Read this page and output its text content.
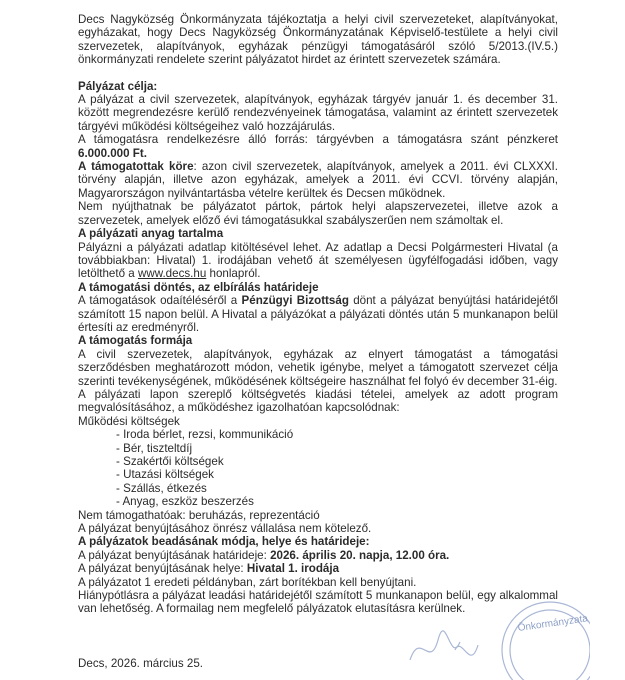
Decs Nagyközség Önkormányzata tájékoztatja a helyi civil szervezeteket, alapítványokat, egyházakat, hogy Decs Nagyközség Önkormányzatának Képviselő-testülete a helyi civil szervezetek, alapítványok, egyházak pénzügyi támogatásáról szóló 5/2013.(IV.5.) önkormányzati rendelete szerint pályázatot hirdet az érintett szervezetek számára.

Pályázat célja:

A pályázat a civil szervezetek, alapítványok, egyházak tárgyév január 1. és december 31. között megrendezésre kerülő rendezvényeinek támogatása, valamint az érintett szervezetek tárgyévi működési költségeihez való hozzájárulás.

A támogatásra rendelkezésre álló forrás: tárgyévben a támogatásra szánt pénzkeret 6.000.000 Ft.

A támogatottak köre: azon civil szervezetek, alapítványok, amelyek a 2011. évi CLXXXI. törvény alapján, illetve azon egyházak, amelyek a 2011. évi CCVI. törvény alapján, Magyarországon nyilvántartásba vételre kerültek és Decsen működnek.

Nem nyújthatnak be pályázatot pártok, pártok helyi alapszervezetei, illetve azok a szervezetek, amelyek előző évi támogatásukkal szabályszerűen nem számoltak el.

A pályázati anyag tartalma

Pályázni a pályázati adatlap kitöltésével lehet. Az adatlap a Decsi Polgármesteri Hivatal (a továbbiakban: Hivatal) 1. irodájában vehető át személyesen ügyfélfogadási időben, vagy letölthető a www.decs.hu honlapról.

A támogatási döntés, az elbírálás határideje

A támogatások odaítéléséről a Pénzügyi Bizottság dönt a pályázat benyújtási határidejétől számított 15 napon belül. A Hivatal a pályázókat a pályázati döntés után 5 munkanapon belül értesíti az eredményről.

A támogatás formája

A civil szervezetek, alapítványok, egyházak az elnyert támogatást a támogatási szerződésben meghatározott módon, vehetik igénybe, melyet a támogatott szervezet célja szerinti tevékenységének, működésének költségeire használhat fel folyó év december 31-éig.

A pályázati lapon szereplő költségvetés kiadási tételei, amelyek az adott program megvalósításához, a működéshez igazolhatóan kapcsolódnak:

Működési költségek

- Iroda bérlet, rezsi, kommunikáció

- Bér, tiszteltdíj

- Szakértői költségek

- Utazási költségek

- Szállás, étkezés

- Anyag, eszköz beszerzés

Nem támogathatóak: beruházás, reprezentáció

A pályázat benyújtásához önrész vállalása nem kötelező.

A pályázatok beadásának módja, helye és határideje:

A pályázat benyújtásának határideje: 2026. április 20. napja, 12.00 óra.

A pályázat benyújtásának helye: Hivatal 1. irodája

A pályázatot 1 eredeti példányban, zárt borítékban kell benyújtani.

Hiánypótlásra a pályázat leadási határidejétől számított 5 munkanapon belül, egy alkalommal van lehetőség. A formailag nem megfelelő pályázatok elutasításra kerülnek.

Decs, 2026. március 25.
Önkormányzata
